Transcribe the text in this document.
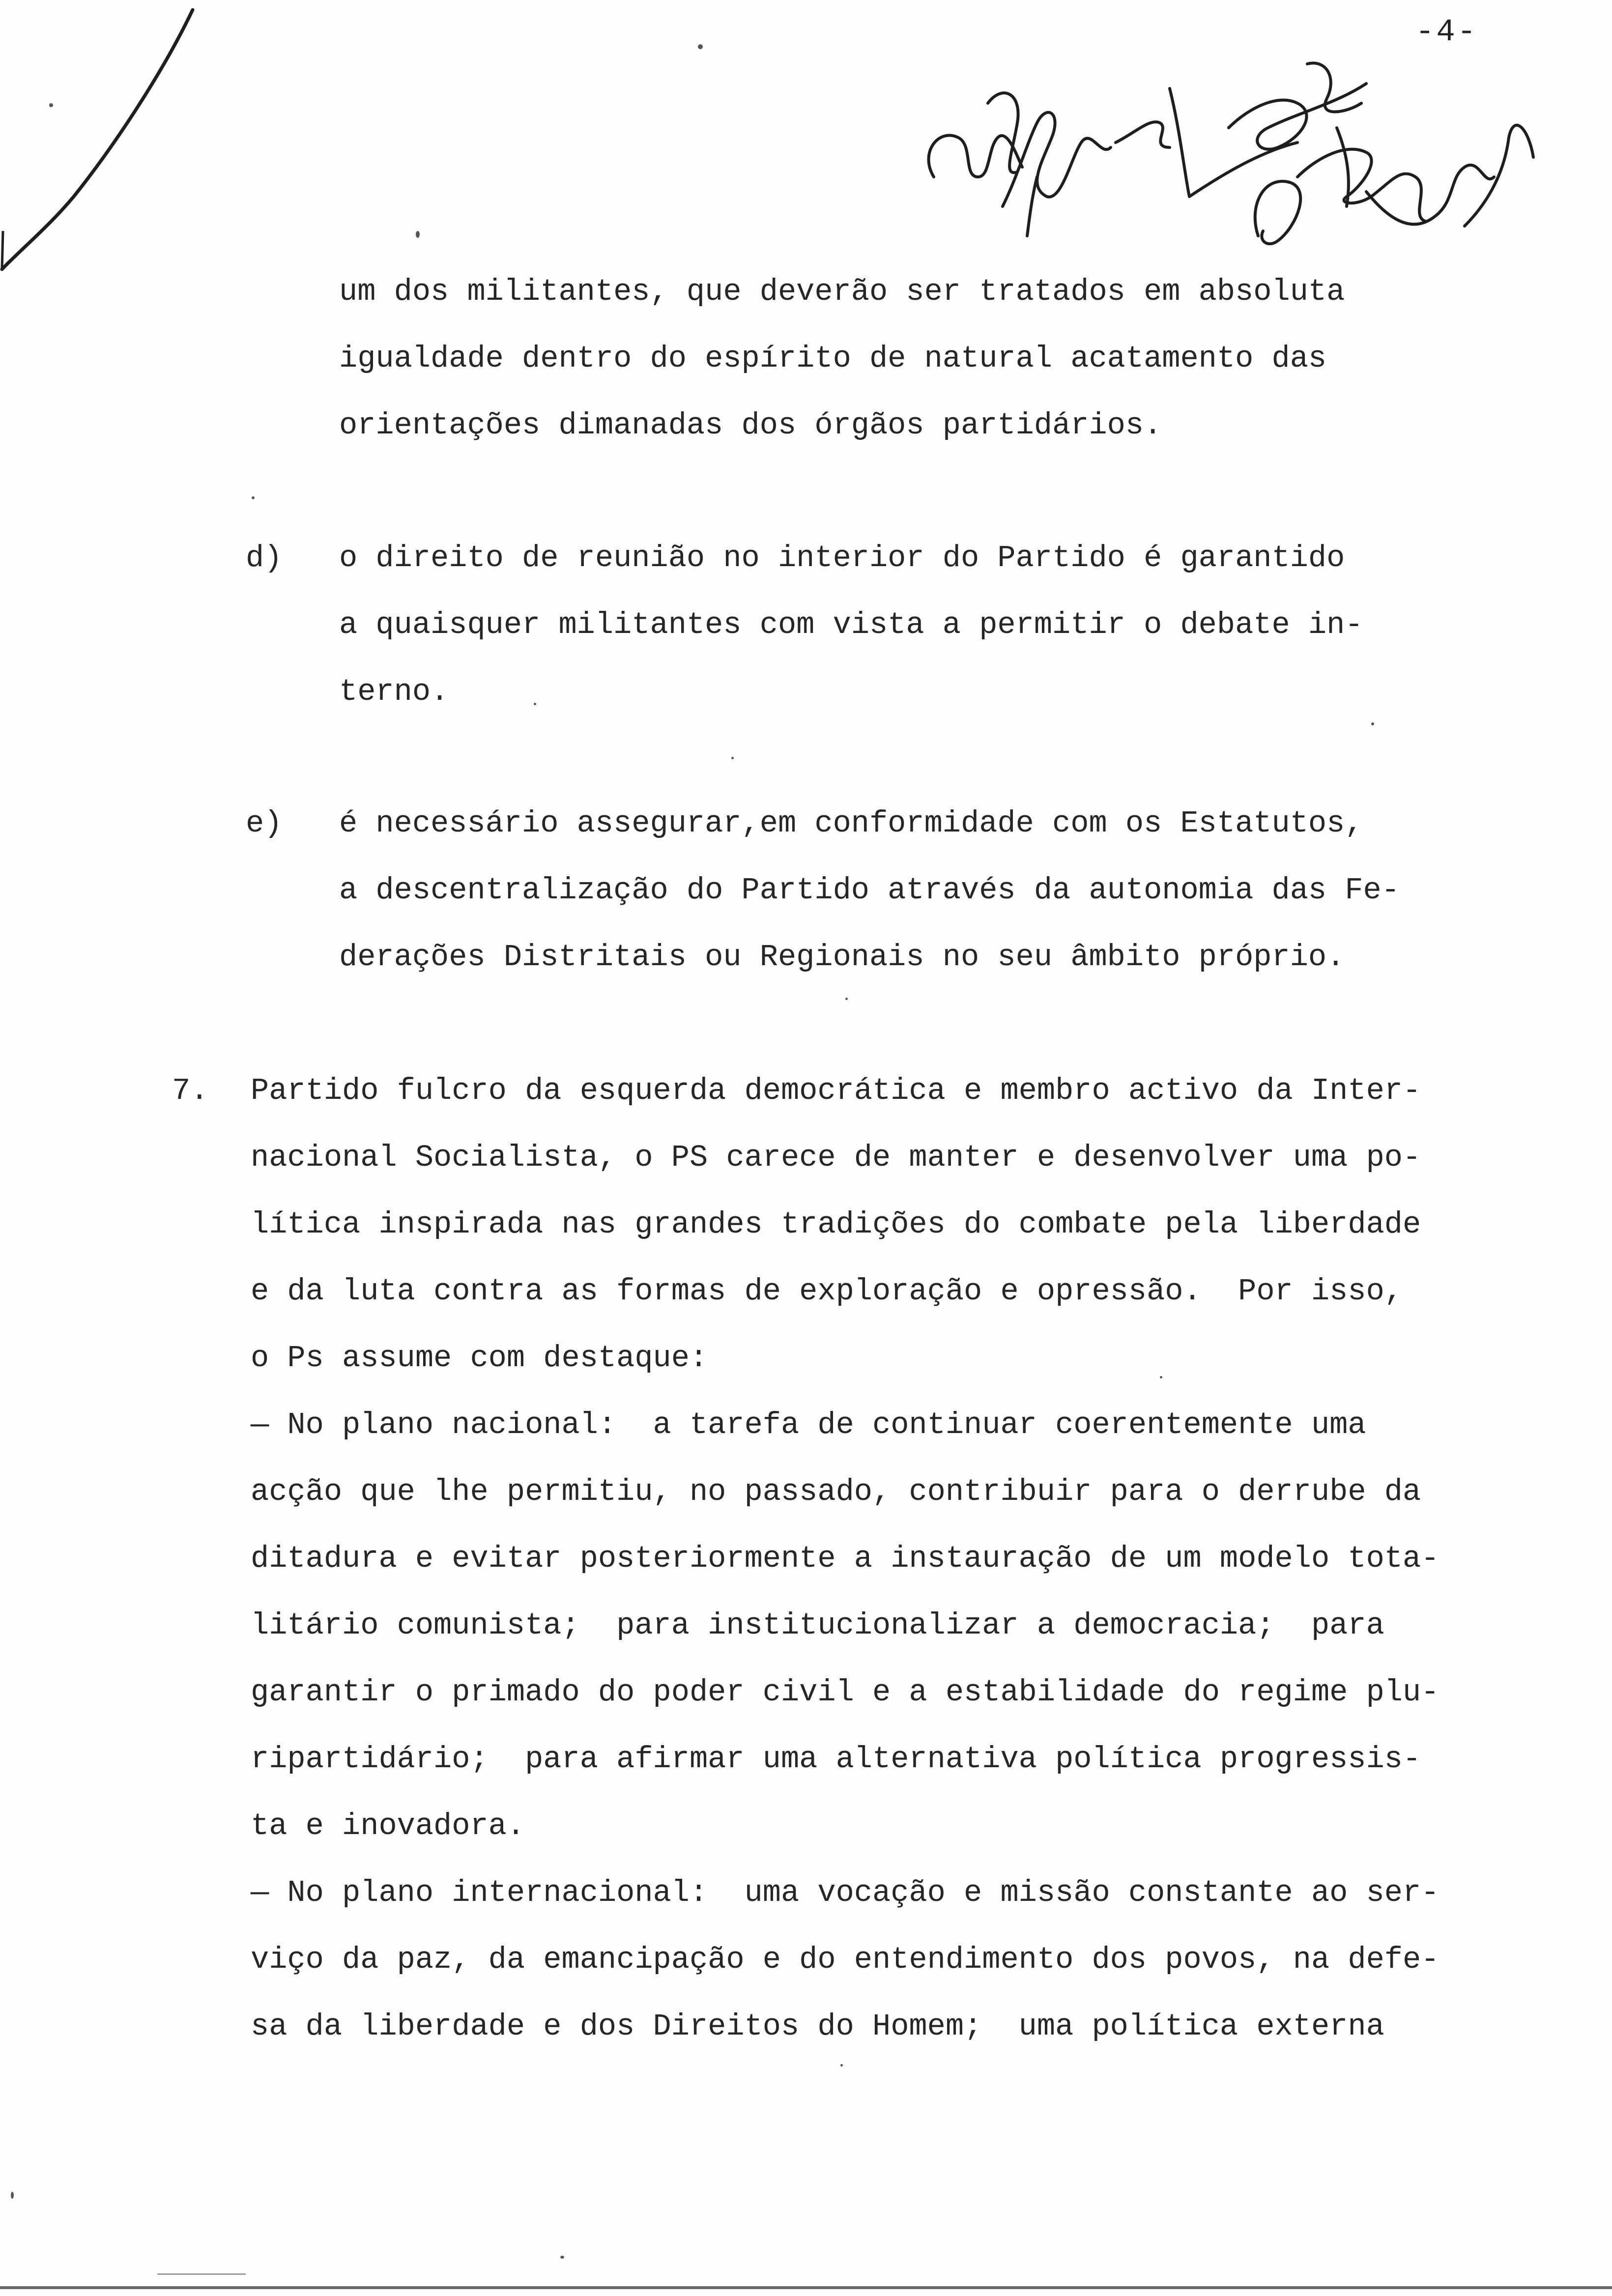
-4-
um dos militantes, que deverão ser tratados em absoluta
igualdade dentro do espírito de natural acatamento das
orientações dimanadas dos órgãos partidários.
d) o direito de reunião no interior do Partido é garantido
a quaisquer militantes com vista a permitir o debate in-
terno.
e) é necessário assegurar,em conformidade com os Estatutos,
a descentralização do Partido através da autonomia das Fe-
derações Distritais ou Regionais no seu âmbito próprio.
7. Partido fulcro da esquerda democrática e membro activo da Inter-
nacional Socialista, o PS carece de manter e desenvolver uma po-
lítica inspirada nas grandes tradições do combate pela liberdade
e da luta contra as formas de exploração e opressão.  Por isso,
o Ps assume com destaque:
— No plano nacional:  a tarefa de continuar coerentemente uma
acção que lhe permitiu, no passado, contribuir para o derrube da
ditadura e evitar posteriormente a instauração de um modelo tota-
litário comunista;  para institucionalizar a democracia;  para
garantir o primado do poder civil e a estabilidade do regime plu-
ripartidário;  para afirmar uma alternativa política progressis-
ta e inovadora.
— No plano internacional:  uma vocação e missão constante ao ser-
viço da paz, da emancipação e do entendimento dos povos, na defe-
sa da liberdade e dos Direitos do Homem;  uma política externa
